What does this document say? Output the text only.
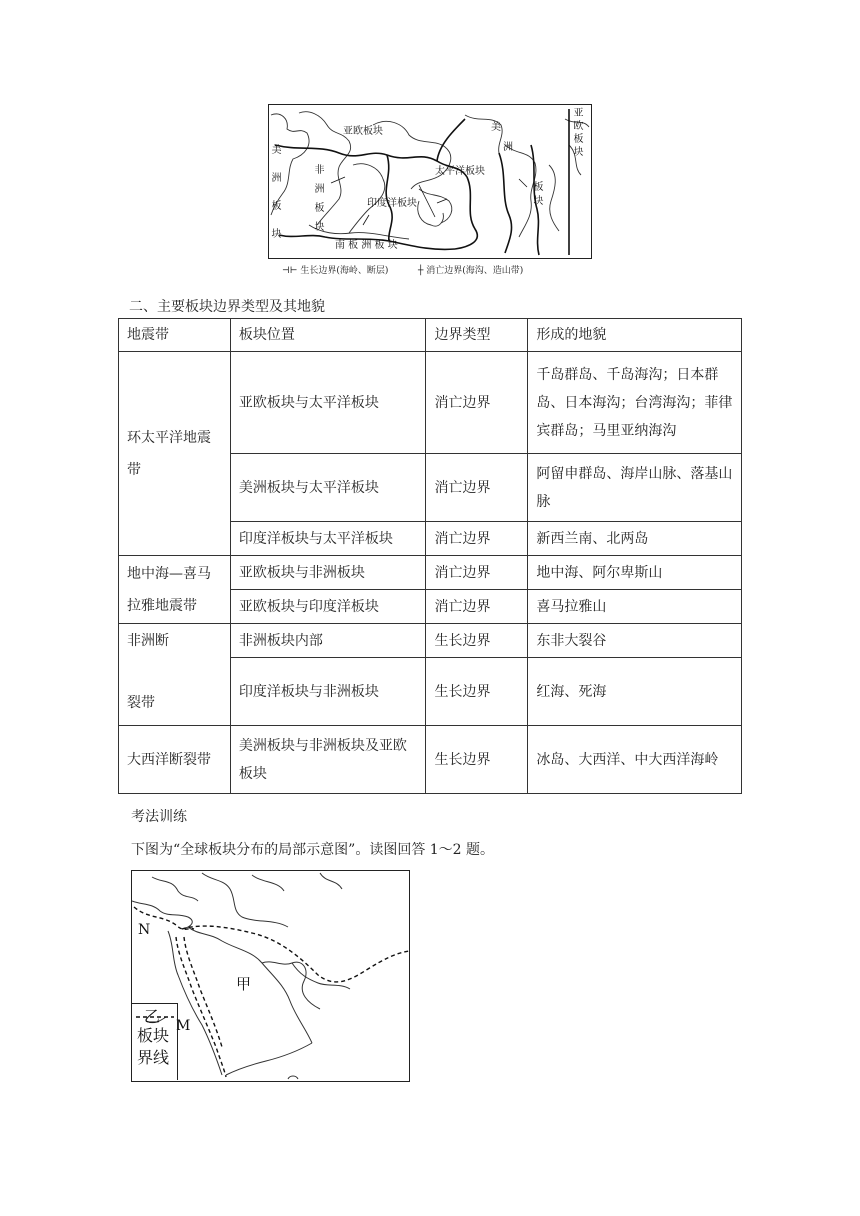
亚欧板块
太平洋板块
印度洋板块
南 板 洲 板 块
非洲板块
美洲板块
美
洲
板块
亚欧板块
⊣⊢ 生长边界(海岭、断层)	┼ 消亡边界(海沟、造山带)
二、主要板块边界类型及其地貌
地震带	板块位置	边界类型	形成的地貌
环太平洋地震带	亚欧板块与太平洋板块	消亡边界	千岛群岛、千岛海沟；日本群岛、日本海沟；台湾海沟；菲律宾群岛；马里亚纳海沟
	美洲板块与太平洋板块	消亡边界	阿留申群岛、海岸山脉、落基山脉
	印度洋板块与太平洋板块	消亡边界	新西兰南、北两岛
地中海—喜马拉雅地震带	亚欧板块与非洲板块	消亡边界	地中海、阿尔卑斯山
	亚欧板块与印度洋板块	消亡边界	喜马拉雅山

非洲断
裂带	非洲板块内部	生长边界	东非大裂谷
	印度洋板块与非洲板块	生长边界	红海、死海
大西洋断裂带	美洲板块与非洲板块及亚欧板块	生长边界	冰岛、大西洋、中大西洋海岭
考法训练
下图为“全球板块分布的局部示意图”。读图回答 1～2 题。
N
M
甲
乙
板块
界线
